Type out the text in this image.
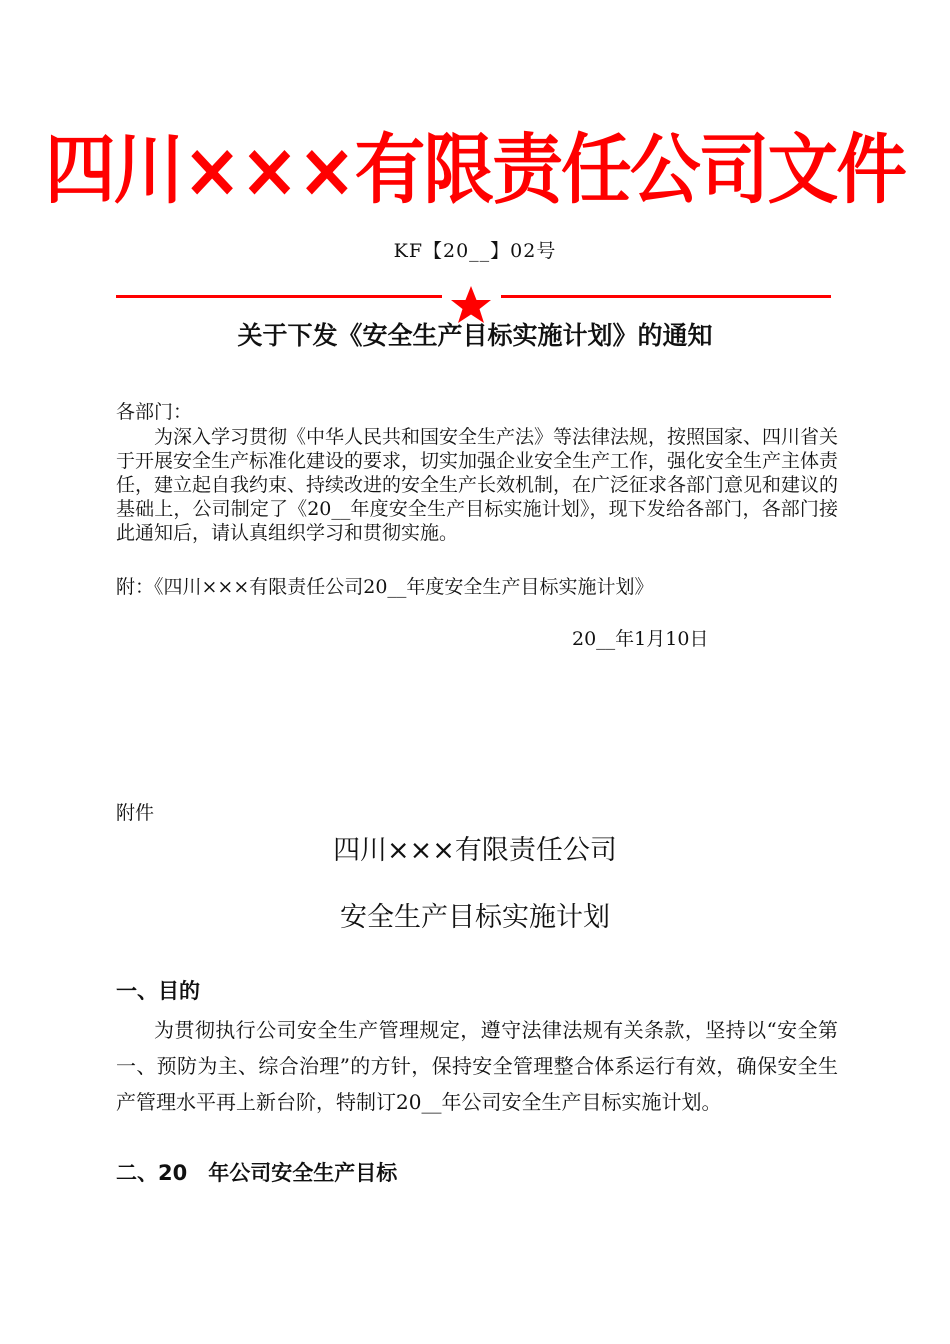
四川×××有限责任公司文件
KF【20__】02号
关于下发《安全生产目标实施计划》的通知
各部门：
为深入学习贯彻《中华人民共和国安全生产法》等法律法规，按照国家、四川省关于开展安全生产标准化建设的要求，切实加强企业安全生产工作，强化安全生产主体责任，建立起自我约束、持续改进的安全生产长效机制，在广泛征求各部门意见和建议的基础上，公司制定了《20__年度安全生产目标实施计划》，现下发给各部门，各部门接此通知后，请认真组织学习和贯彻实施。
附：《四川×××有限责任公司20__年度安全生产目标实施计划》
20__年1月10日
附件
四川×××有限责任公司
安全生产目标实施计划
一、目的
为贯彻执行公司安全生产管理规定，遵守法律法规有关条款，坚持以“安全第一、预防为主、综合治理”的方针，保持安全管理整合体系运行有效，确保安全生产管理水平再上新台阶，特制订20__年公司安全生产目标实施计划。
二、20　年公司安全生产目标
